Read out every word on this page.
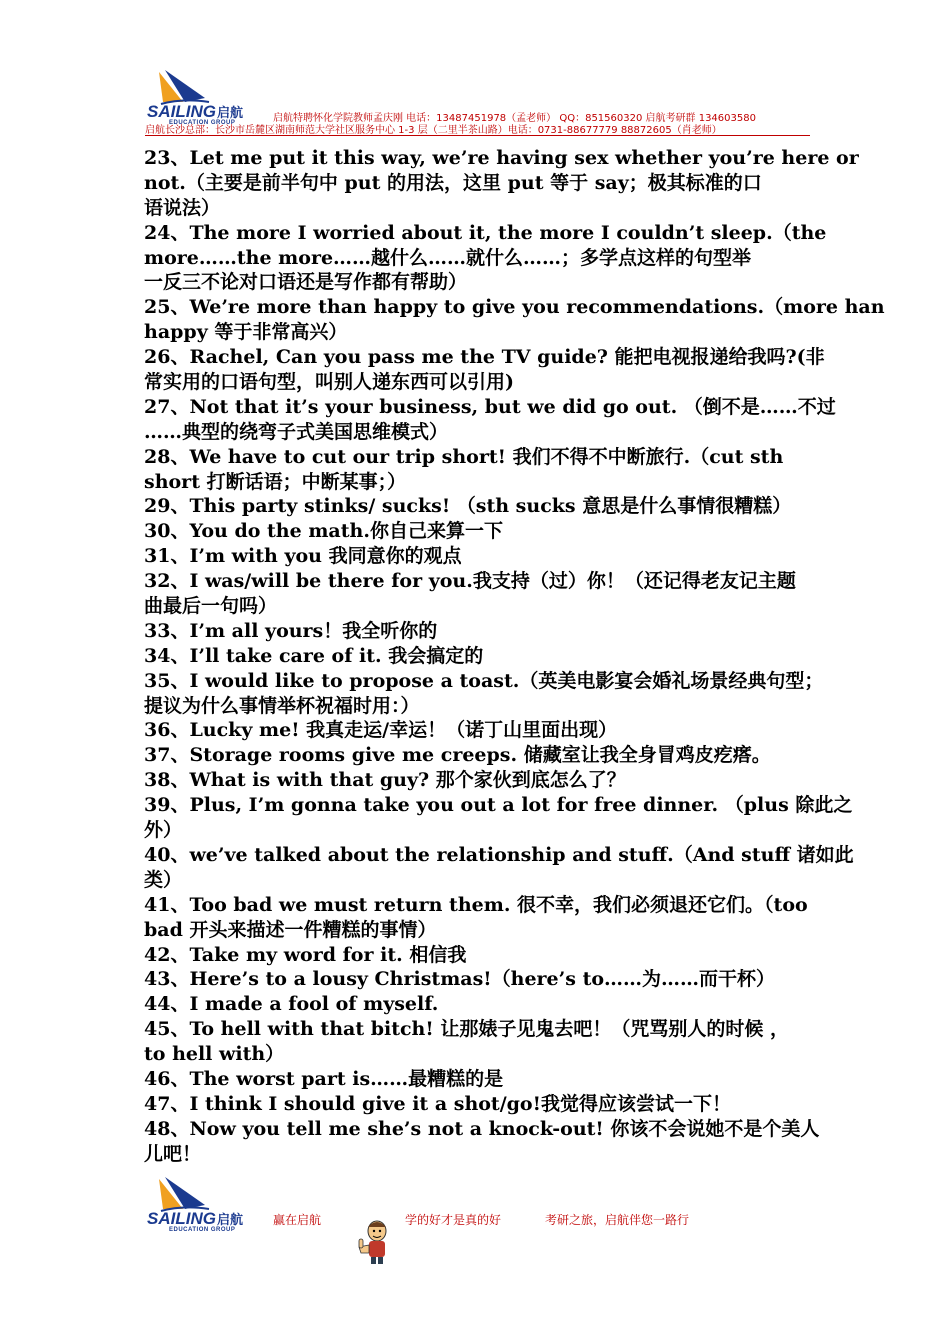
SAILING启航
EDUCATION GROUP	启航特聘怀化学院教师孟庆刚 电话：13487451978（孟老师） QQ：851560320 启航考研群 134603580
启航长沙总部：长沙市岳麓区湖南师范大学社区服务中心 1-3 层（二里半茶山路）电话：0731-88677779 88872605（肖老师）
23、Let me put it this way, we’re having sex whether you’re here or
not.（主要是前半句中 put 的用法，这里 put 等于 say；极其标准的口
语说法）
24、The more I worried about it, the more I couldn’t sleep.（the
more……the more……越什么……就什么……；多学点这样的句型举
一反三不论对口语还是写作都有帮助）
25、We’re more than happy to give you recommendations.（more han
happy 等于非常高兴）
26、Rachel, Can you pass me the TV guide? 能把电视报递给我吗?(非
常实用的口语句型，叫别人递东西可以引用)
27、Not that it’s your business, but we did go out. （倒不是……不过
……典型的绕弯子式美国思维模式）
28、We have to cut our trip short! 我们不得不中断旅行.（cut sth
short 打断话语；中断某事；）
29、This party stinks/ sucks! （sth sucks 意思是什么事情很糟糕）
30、You do the math.你自己来算一下
31、I’m with you 我同意你的观点
32、I was/will be there for you.我支持（过）你！（还记得老友记主题
曲最后一句吗）
33、I’m all yours！我全听你的
34、I’ll take care of it. 我会搞定的
35、I would like to propose a toast.（英美电影宴会婚礼场景经典句型；
提议为什么事情举杯祝福时用：）
36、Lucky me! 我真走运/幸运！（诺丁山里面出现）
37、Storage rooms give me creeps. 储藏室让我全身冒鸡皮疙瘩。
38、What is with that guy? 那个家伙到底怎么了？
39、Plus, I’m gonna take you out a lot for free dinner. （plus 除此之
外）
40、we’ve talked about the relationship and stuff.（And stuff 诸如此
类）
41、Too bad we must return them. 很不幸，我们必须退还它们。（too
bad 开头来描述一件糟糕的事情）
42、Take my word for it. 相信我
43、Here’s to a lousy Christmas!（here’s to……为……而干杯）
44、I made a fool of myself.
45、To hell with that bitch! 让那婊子见鬼去吧！（咒骂别人的时候 ，
to hell with）
46、The worst part is……最糟糕的是
47、I think I should give it a shot/go!我觉得应该尝试一下！
48、Now you tell me she’s not a knock-out! 你该不会说她不是个美人
儿吧！
SAILING启航
EDUCATION GROUP
赢在启航	学的好才是真的好	考研之旅，启航伴您一路行
